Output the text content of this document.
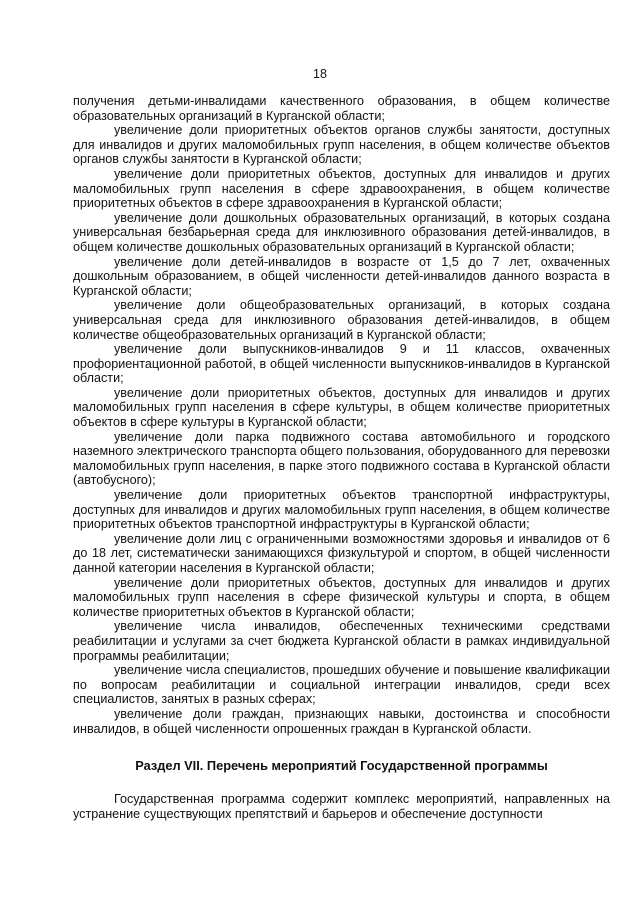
18

получения детьми-инвалидами качественного образования, в общем количестве образовательных организаций в Курганской области;

увеличение доли приоритетных объектов органов службы занятости, доступных для инвалидов и других маломобильных групп населения, в общем количестве объектов органов службы занятости в Курганской области;

увеличение доли приоритетных объектов, доступных для инвалидов и других маломобильных групп населения в сфере здравоохранения, в общем количестве приоритетных объектов в сфере здравоохранения в Курганской области;

увеличение доли дошкольных образовательных организаций, в которых создана универсальная безбарьерная среда для инклюзивного образования детей-инвалидов, в общем количестве дошкольных образовательных организаций в Курганской области;

увеличение доли детей-инвалидов в возрасте от 1,5 до 7 лет, охваченных дошкольным образованием, в общей численности детей-инвалидов данного возраста в Курганской области;

увеличение доли общеобразовательных организаций, в которых создана универсальная среда для инклюзивного образования детей-инвалидов, в общем количестве общеобразовательных организаций в Курганской области;

увеличение доли выпускников-инвалидов 9 и 11 классов, охваченных профориентационной работой, в общей численности выпускников-инвалидов в Курганской области;

увеличение доли приоритетных объектов, доступных для инвалидов и других маломобильных групп населения в сфере культуры, в общем количестве приоритетных объектов в сфере культуры в Курганской области;

увеличение доли парка подвижного состава автомобильного и городского наземного электрического транспорта общего пользования, оборудованного для перевозки маломобильных групп населения, в парке этого подвижного состава в Курганской области (автобусного);

увеличение доли приоритетных объектов транспортной инфраструктуры, доступных для инвалидов и других маломобильных групп населения, в общем количестве приоритетных объектов транспортной инфраструктуры в Курганской области;

увеличение доли лиц с ограниченными возможностями здоровья и инвалидов от 6 до 18 лет, систематически занимающихся физкультурой и спортом, в общей численности данной категории населения в Курганской области;

увеличение доли приоритетных объектов, доступных для инвалидов и других маломобильных групп населения в сфере физической культуры и спорта, в общем количестве приоритетных объектов в Курганской области;

увеличение числа инвалидов, обеспеченных техническими средствами реабилитации и услугами за счет бюджета Курганской области в рамках индивидуальной программы реабилитации;

увеличение числа специалистов, прошедших обучение и повышение квалификации по вопросам реабилитации и социальной интеграции инвалидов, среди всех специалистов, занятых в разных сферах;

увеличение доли граждан, признающих навыки, достоинства и способности инвалидов, в общей численности опрошенных граждан в Курганской области.

Раздел VII. Перечень мероприятий Государственной программы

Государственная программа содержит комплекс мероприятий, направленных на устранение существующих препятствий и барьеров и обеспечение доступности
